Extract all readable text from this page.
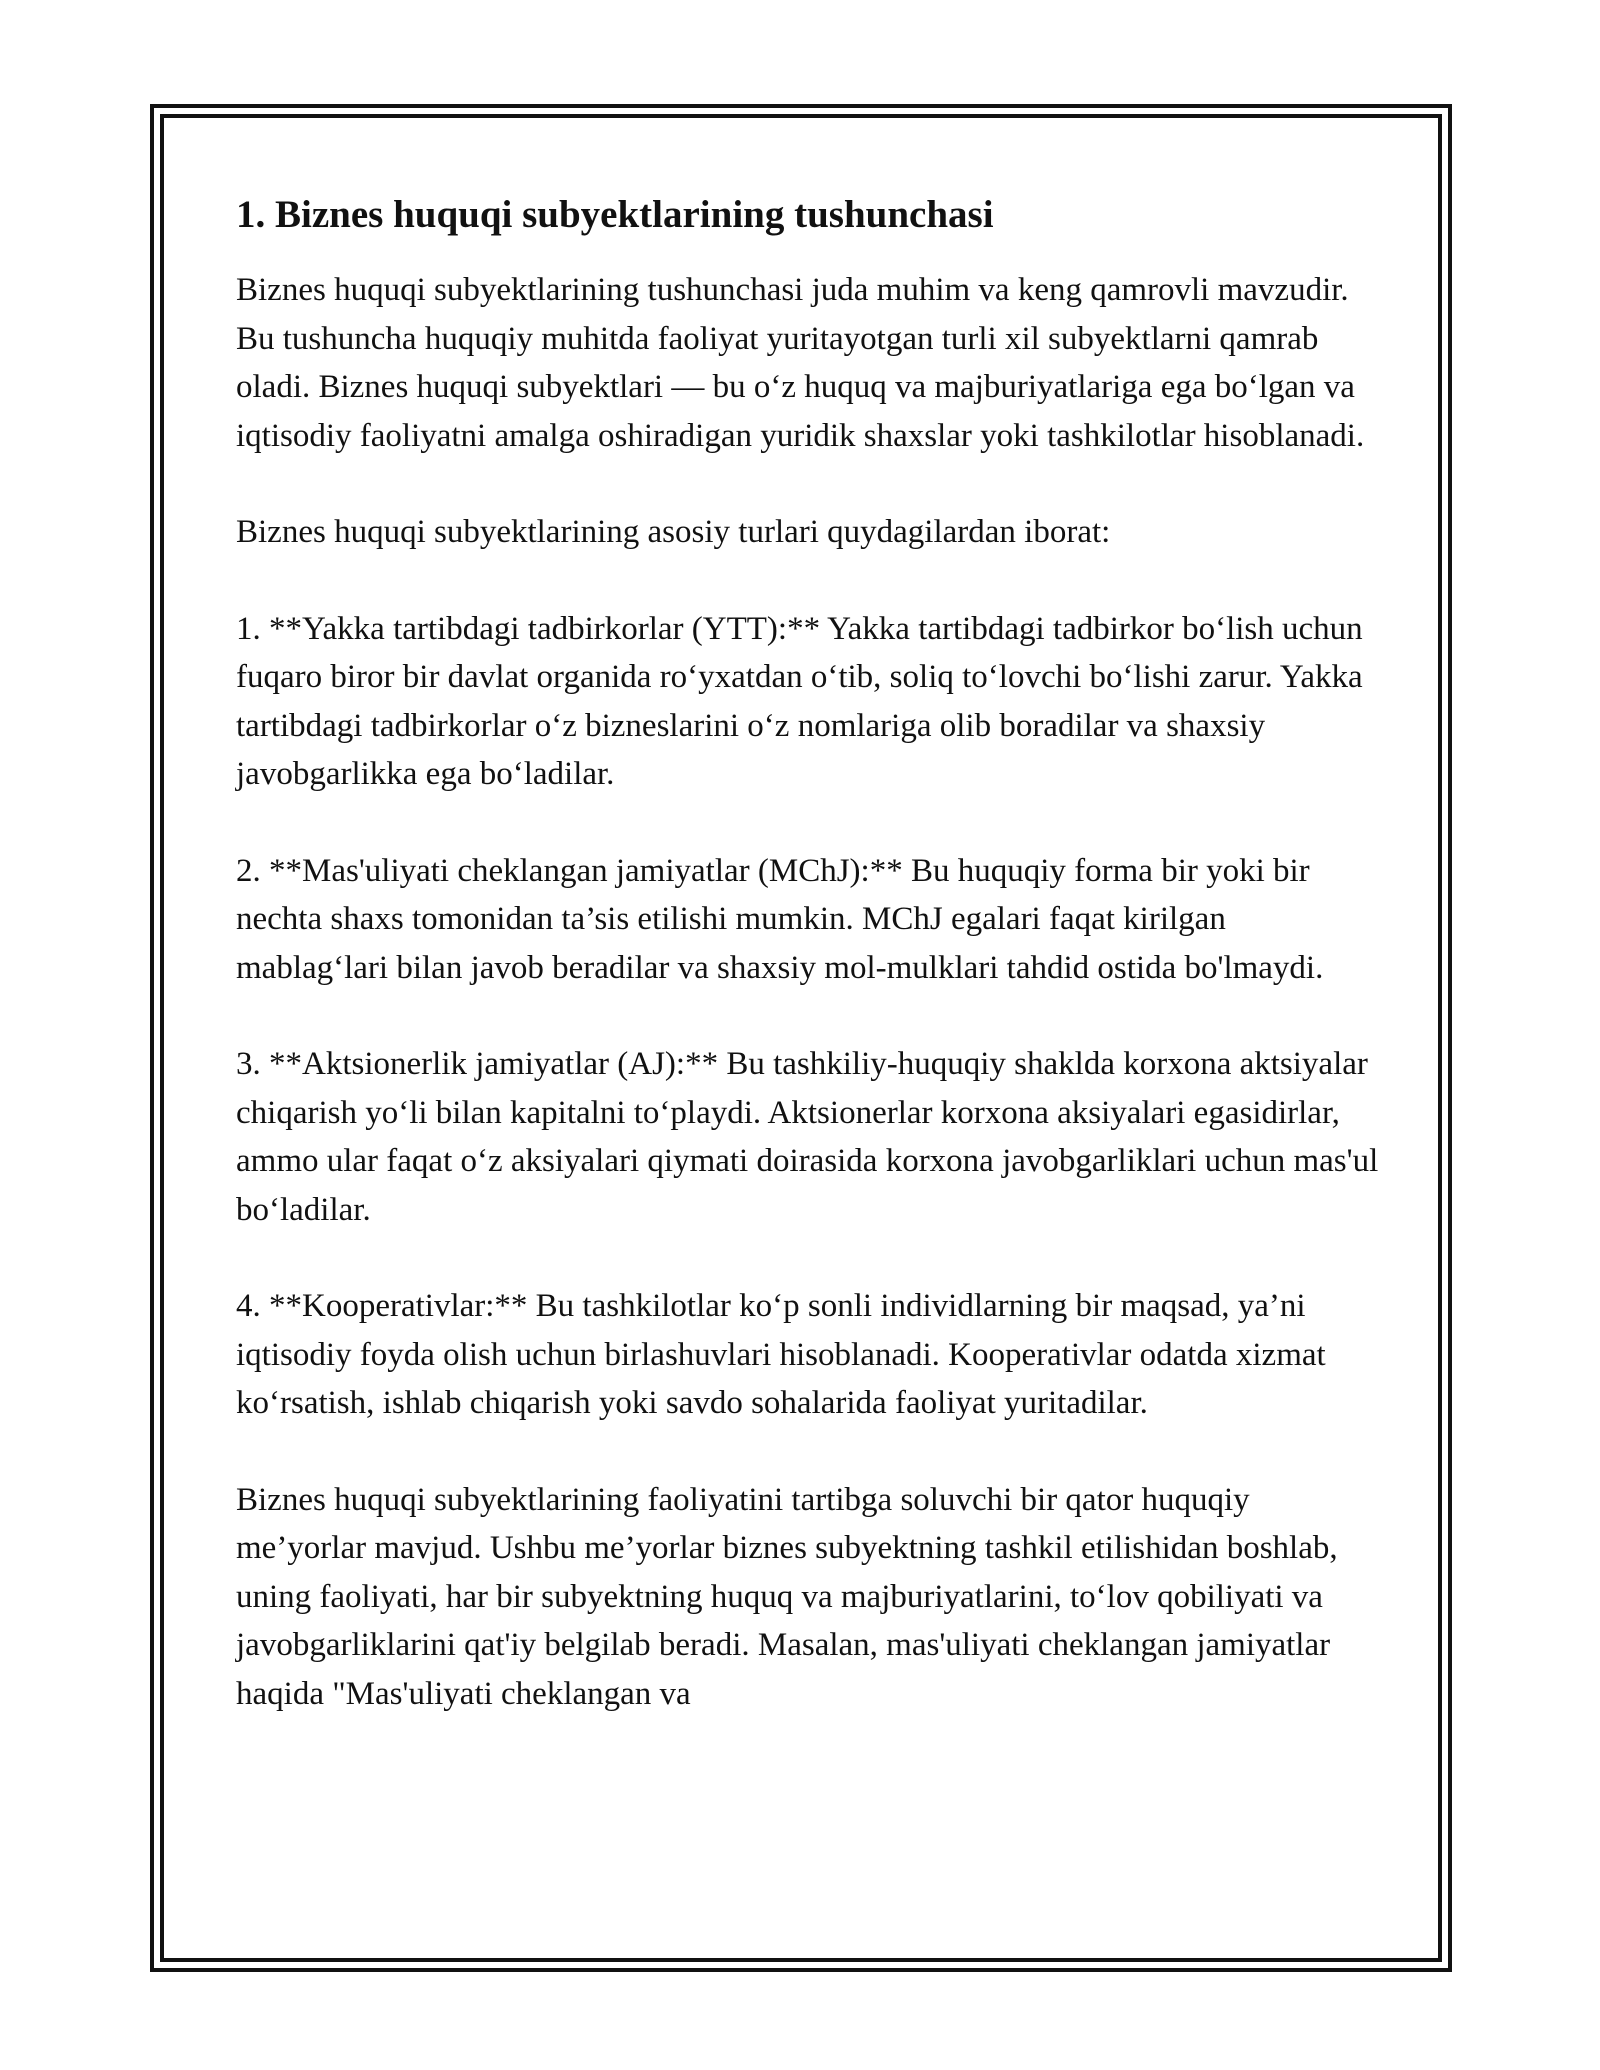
1. Biznes huquqi subyektlarining tushunchasi

Biznes huquqi subyektlarining tushunchasi juda muhim va keng qamrovli mavzudir. Bu tushuncha huquqiy muhitda faoliyat yuritayotgan turli xil subyektlarni qamrab oladi. Biznes huquqi subyektlari — bu o‘z huquq va majburiyatlariga ega bo‘lgan va iqtisodiy faoliyatni amalga oshiradigan yuridik shaxslar yoki tashkilotlar hisoblanadi.

Biznes huquqi subyektlarining asosiy turlari quydagilardan iborat:

1. **Yakka tartibdagi tadbirkorlar (YTT):** Yakka tartibdagi tadbirkor bo‘lish uchun fuqaro biror bir davlat organida ro‘yxatdan o‘tib, soliq to‘lovchi bo‘lishi zarur. Yakka tartibdagi tadbirkorlar o‘z bizneslarini o‘z nomlariga olib boradilar va shaxsiy javobgarlikka ega bo‘ladilar.

2. **Mas'uliyati cheklangan jamiyatlar (MChJ):** Bu huquqiy forma bir yoki bir nechta shaxs tomonidan ta’sis etilishi mumkin. MChJ egalari faqat kirilgan mablag‘lari bilan javob beradilar va shaxsiy mol-mulklari tahdid ostida bo'lmaydi.

3. **Aktsionerlik jamiyatlar (AJ):** Bu tashkiliy-huquqiy shaklda korxona aktsiyalar chiqarish yo‘li bilan kapitalni to‘playdi. Aktsionerlar korxona aksiyalari egasidirlar, ammo ular faqat o‘z aksiyalari qiymati doirasida korxona javobgarliklari uchun mas'ul bo‘ladilar.

4. **Kooperativlar:** Bu tashkilotlar ko‘p sonli individlarning bir maqsad, ya’ni iqtisodiy foyda olish uchun birlashuvlari hisoblanadi. Kooperativlar odatda xizmat ko‘rsatish, ishlab chiqarish yoki savdo sohalarida faoliyat yuritadilar.

Biznes huquqi subyektlarining faoliyatini tartibga soluvchi bir qator huquqiy me’yorlar mavjud. Ushbu me’yorlar biznes subyektning tashkil etilishidan boshlab, uning faoliyati, har bir subyektning huquq va majburiyatlarini, to‘lov qobiliyati va javobgarliklarini qat'iy belgilab beradi. Masalan, mas'uliyati cheklangan jamiyatlar haqida "Mas'uliyati cheklangan va
